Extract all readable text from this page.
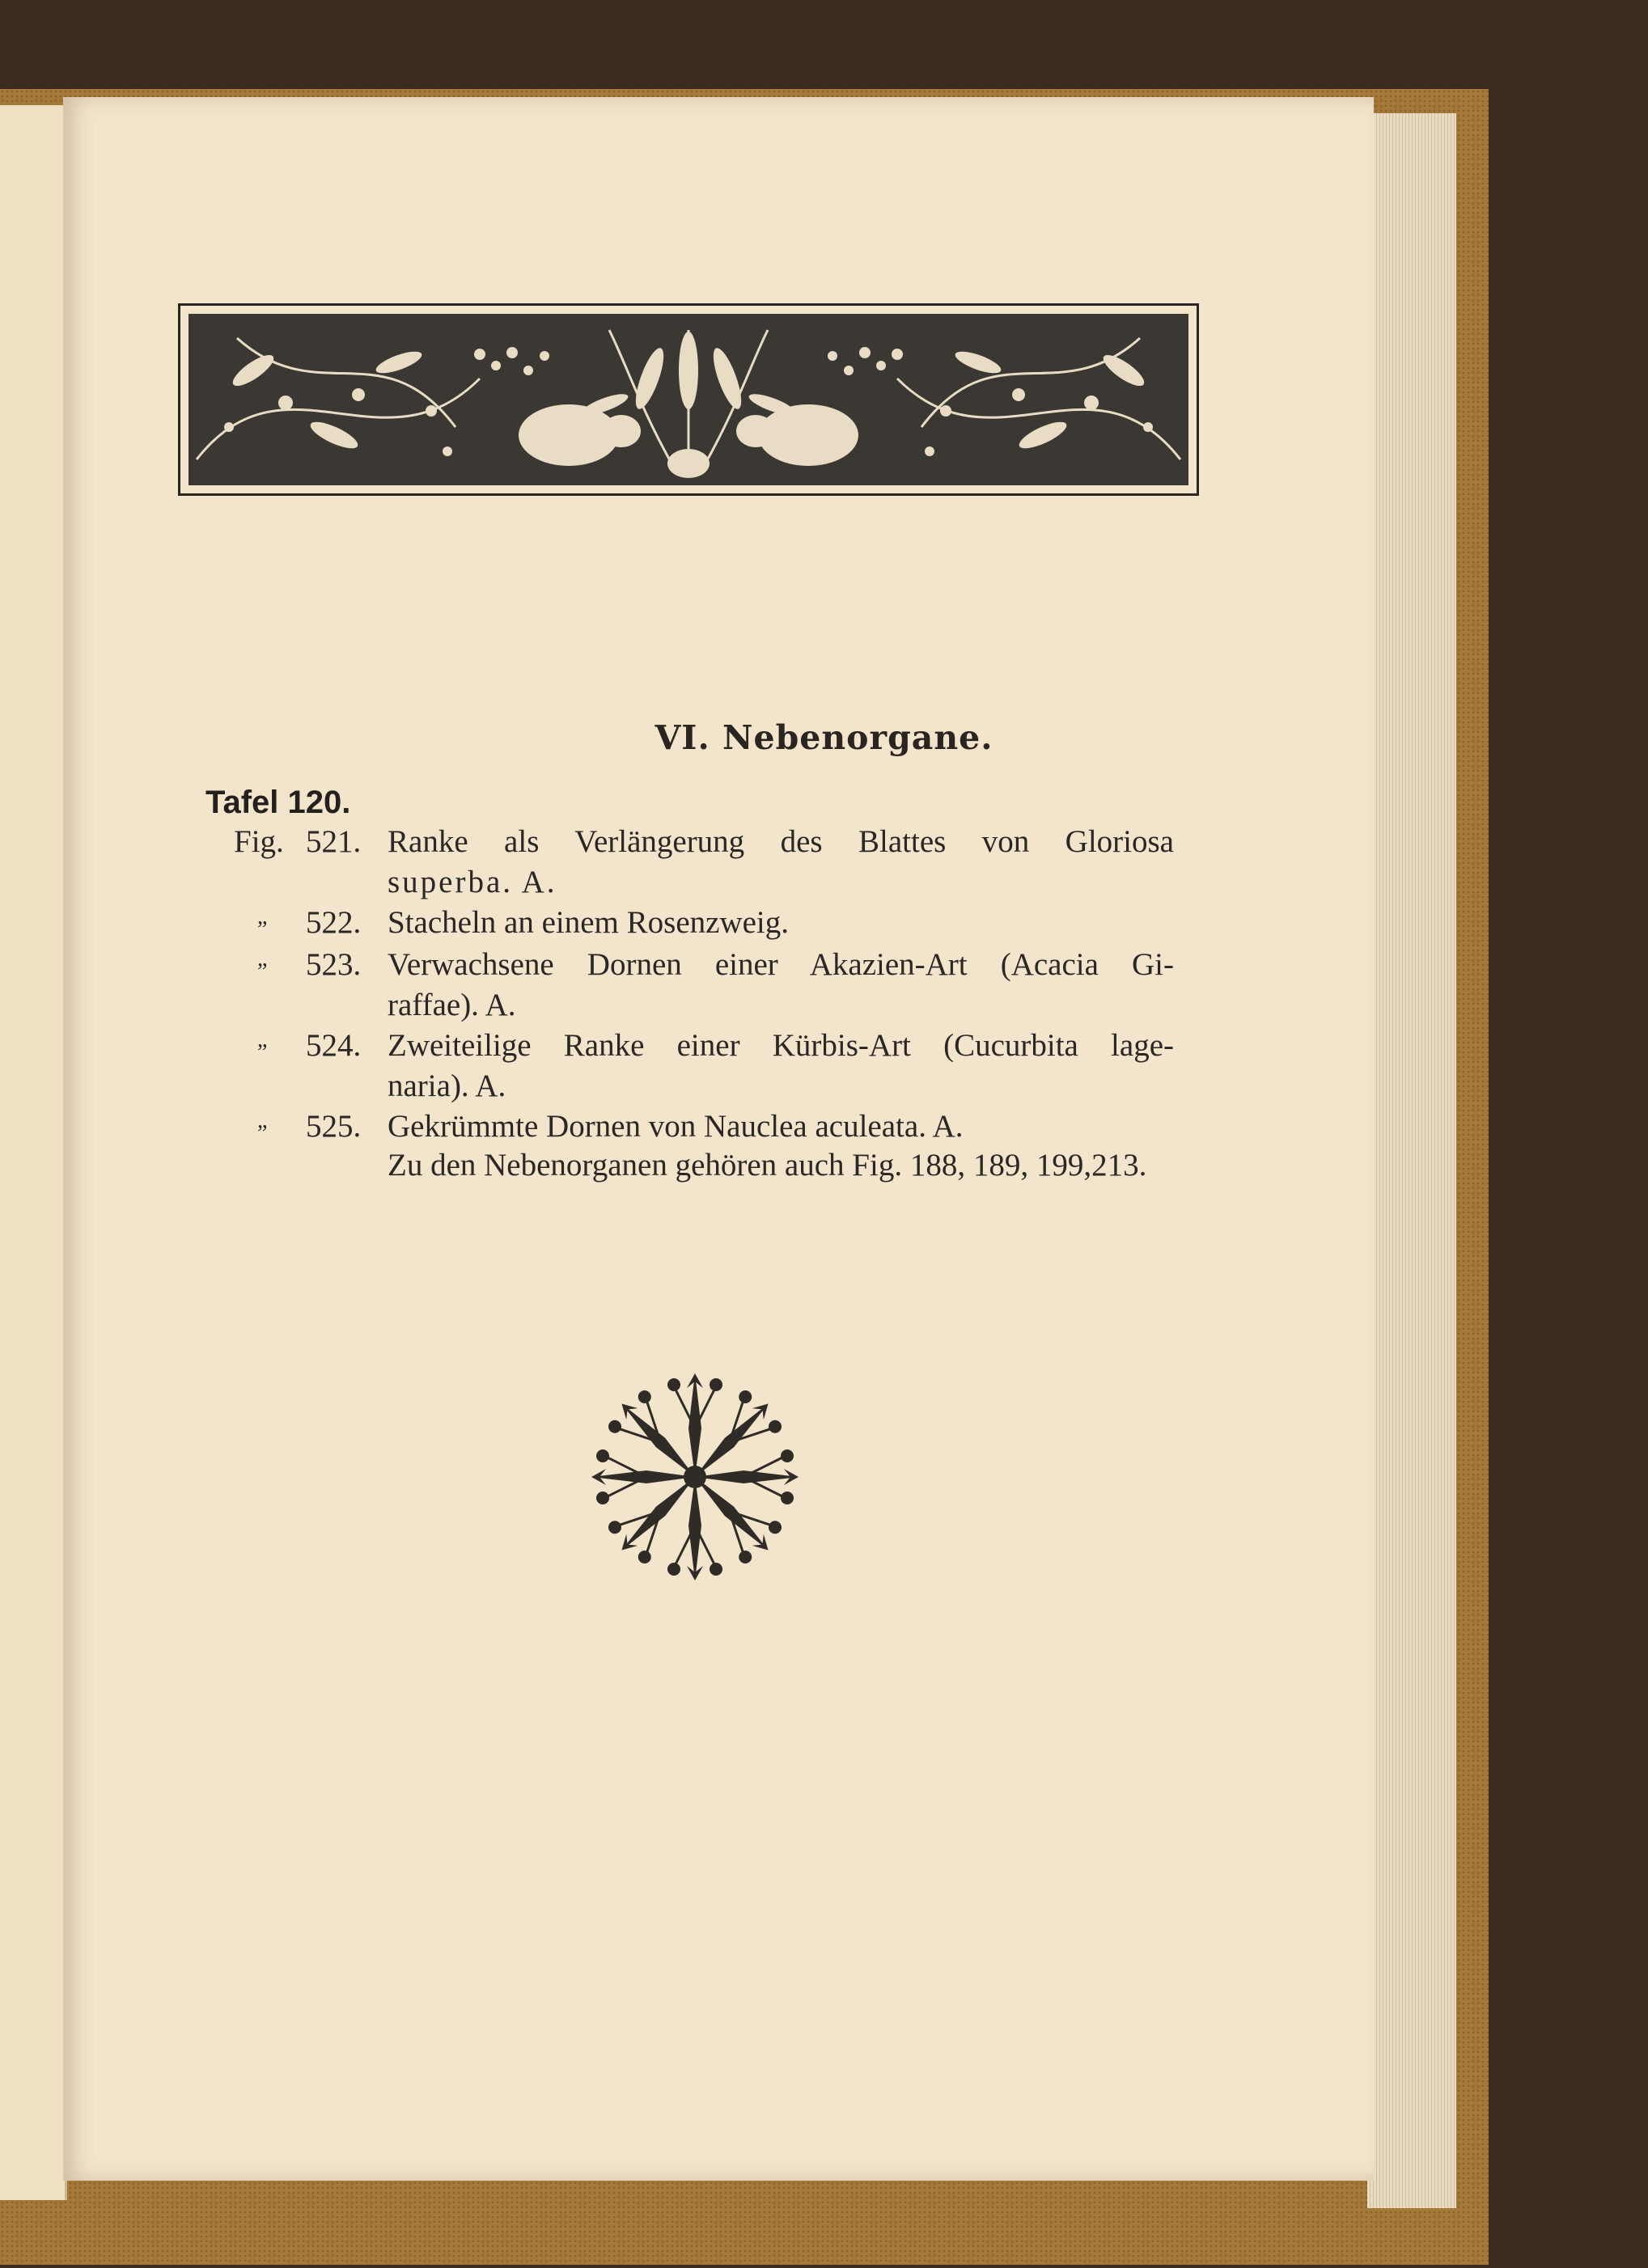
VI. Nebenorgane.
Tafel 120.
Fig. 521. Ranke als Verlängerung des Blattes von Gloriosa
superba. A.
„ 522. Stacheln an einem Rosenzweig.
„ 523. Verwachsene Dornen einer Akazien-Art (Acacia Gi-
raffae). A.
„ 524. Zweiteilige Ranke einer Kürbis-Art (Cucurbita lage-
naria). A.
„ 525. Gekrümmte Dornen von Nauclea aculeata. A.
Zu den Nebenorganen gehören auch Fig. 188, 189, 199,213.
